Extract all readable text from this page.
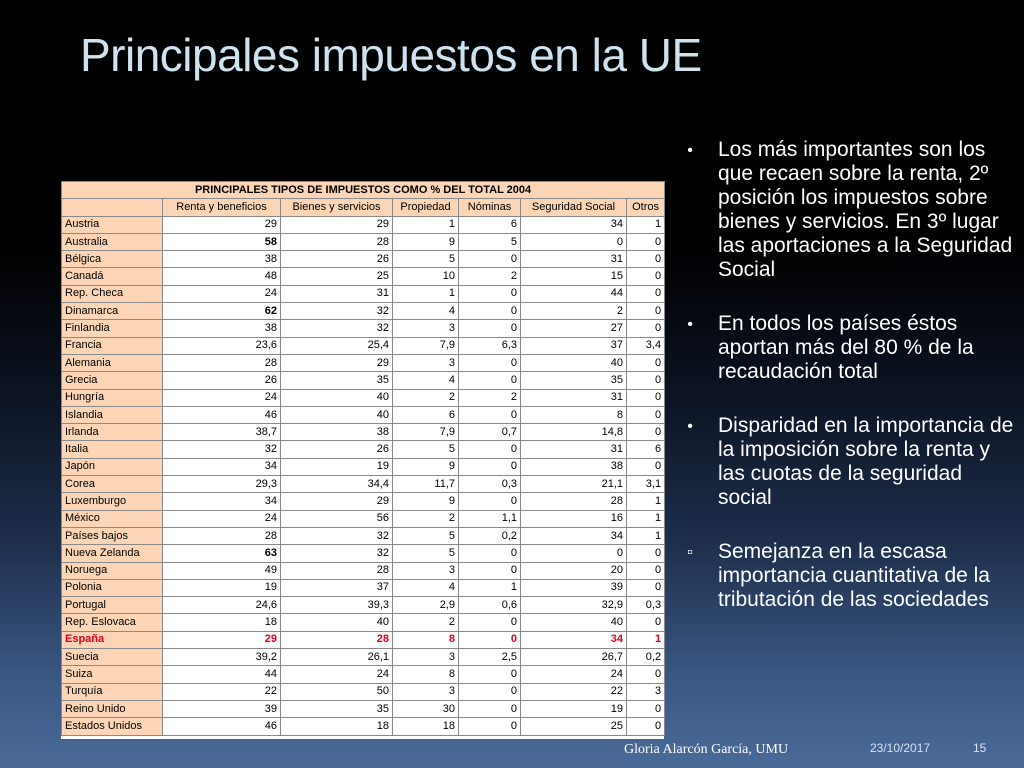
Principales impuestos en la UE
PRINCIPALES TIPOS DE IMPUESTOS COMO % DEL TOTAL 2004						
	Renta y beneficios	Bienes y servicios	Propiedad	Nóminas	Seguridad Social	Otros
Austria	29	29	1	6	34	1
Australia	58	28	9	5	0	0
Bélgica	38	26	5	0	31	0
Canadá	48	25	10	2	15	0
Rep. Checa	24	31	1	0	44	0
Dinamarca	62	32	4	0	2	0
Finlandia	38	32	3	0	27	0
Francia	23,6	25,4	7,9	6,3	37	3,4
Alemania	28	29	3	0	40	0
Grecia	26	35	4	0	35	0
Hungría	24	40	2	2	31	0
Islandia	46	40	6	0	8	0
Irlanda	38,7	38	7,9	0,7	14,8	0
Italia	32	26	5	0	31	6
Japón	34	19	9	0	38	0
Corea	29,3	34,4	11,7	0,3	21,1	3,1
Luxemburgo	34	29	9	0	28	1
México	24	56	2	1,1	16	1
Países bajos	28	32	5	0,2	34	1
Nueva Zelanda	63	32	5	0	0	0
Noruega	49	28	3	0	20	0
Polonia	19	37	4	1	39	0
Portugal	24,6	39,3	2,9	0,6	32,9	0,3
Rep. Eslovaca	18	40	2	0	40	0
España	29	28	8	0	34	1
Suecia	39,2	26,1	3	2,5	26,7	0,2
Suiza	44	24	8	0	24	0
Turquía	22	50	3	0	22	3
Reino Unido	39	35	30	0	19	0
Estados Unidos	46	18	18	0	25	0
•	Los más importantes son los que recaen sobre la renta, 2º posición los impuestos sobre bienes y servicios. En 3º lugar las aportaciones a la Seguridad Social
•	En todos los países éstos aportan más del 80 % de la recaudación total
•	Disparidad en la importancia de la imposición sobre la renta y las cuotas de la seguridad social
▫	Semejanza en la escasa importancia cuantitativa de la tributación de las sociedades
Gloria Alarcón García, UMU	23/10/2017	15
